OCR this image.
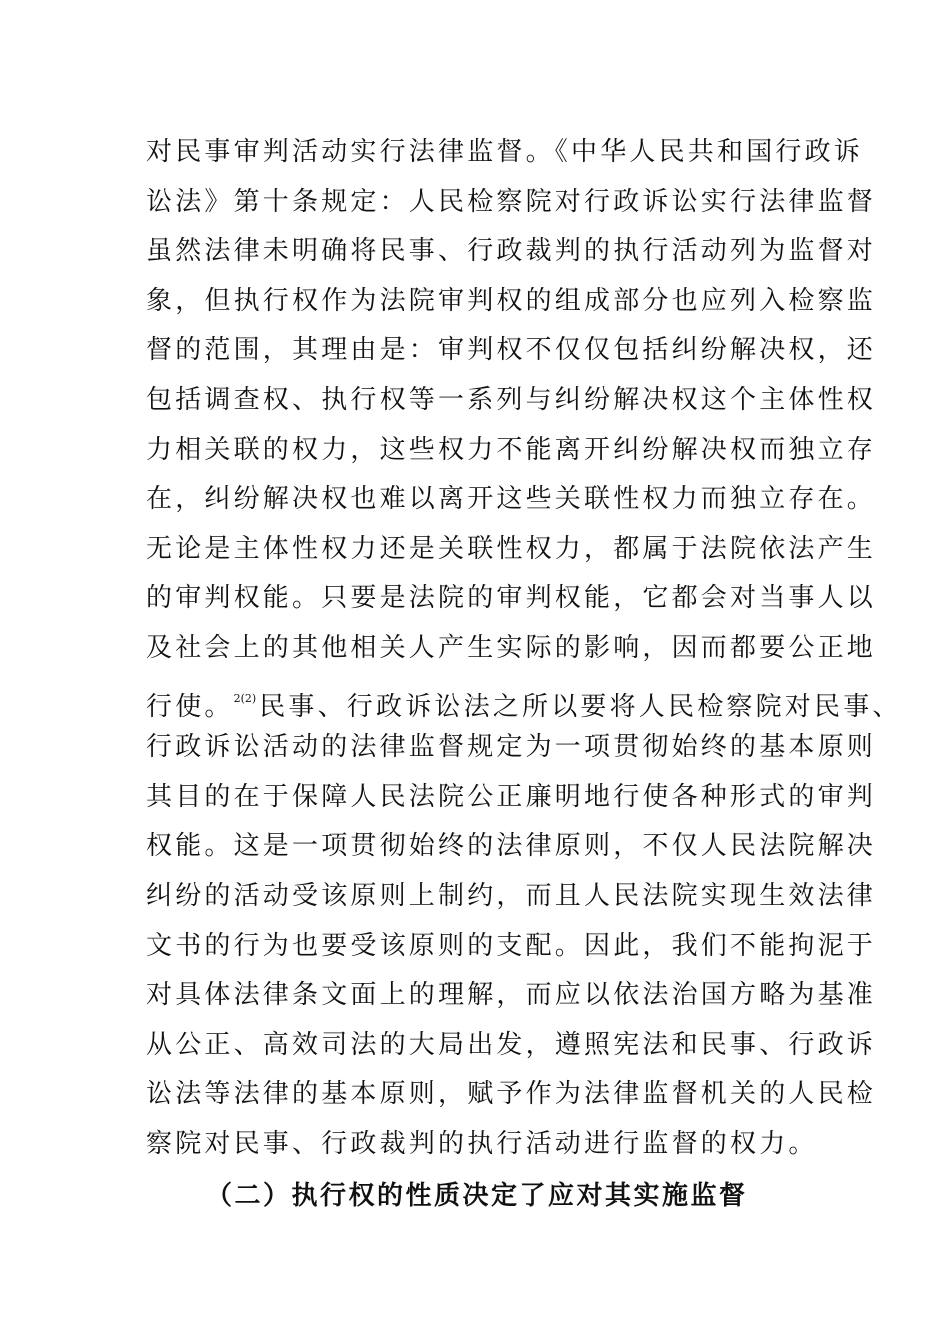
对民事审判活动实行法律监督。《中华人民共和国行政诉
讼法》第十条规定：人民检察院对行政诉讼实行法律监督
虽然法律未明确将民事、行政裁判的执行活动列为监督对
象，但执行权作为法院审判权的组成部分也应列入检察监
督的范围，其理由是：审判权不仅仅包括纠纷解决权，还
包括调查权、执行权等一系列与纠纷解决权这个主体性权
力相关联的权力，这些权力不能离开纠纷解决权而独立存
在，纠纷解决权也难以离开这些关联性权力而独立存在。
无论是主体性权力还是关联性权力，都属于法院依法产生
的审判权能。只要是法院的审判权能，它都会对当事人以
及社会上的其他相关人产生实际的影响，因而都要公正地
行使。$^{2(2)}$ 民事、行政诉讼法之所以要将人民检察院对民事、
行政诉讼活动的法律监督规定为一项贯彻始终的基本原则
其目的在于保障人民法院公正廉明地行使各种形式的审判
权能。这是一项贯彻始终的法律原则，不仅人民法院解决
纠纷的活动受该原则上制约，而且人民法院实现生效法律
文书的行为也要受该原则的支配。因此，我们不能拘泥于
对具体法律条文面上的理解，而应以依法治国方略为基准
从公正、高效司法的大局出发，遵照宪法和民事、行政诉
讼法等法律的基本原则，赋予作为法律监督机关的人民检
察院对民事、行政裁判的执行活动进行监督的权力。
（二）执行权的性质决定了应对其实施监督
